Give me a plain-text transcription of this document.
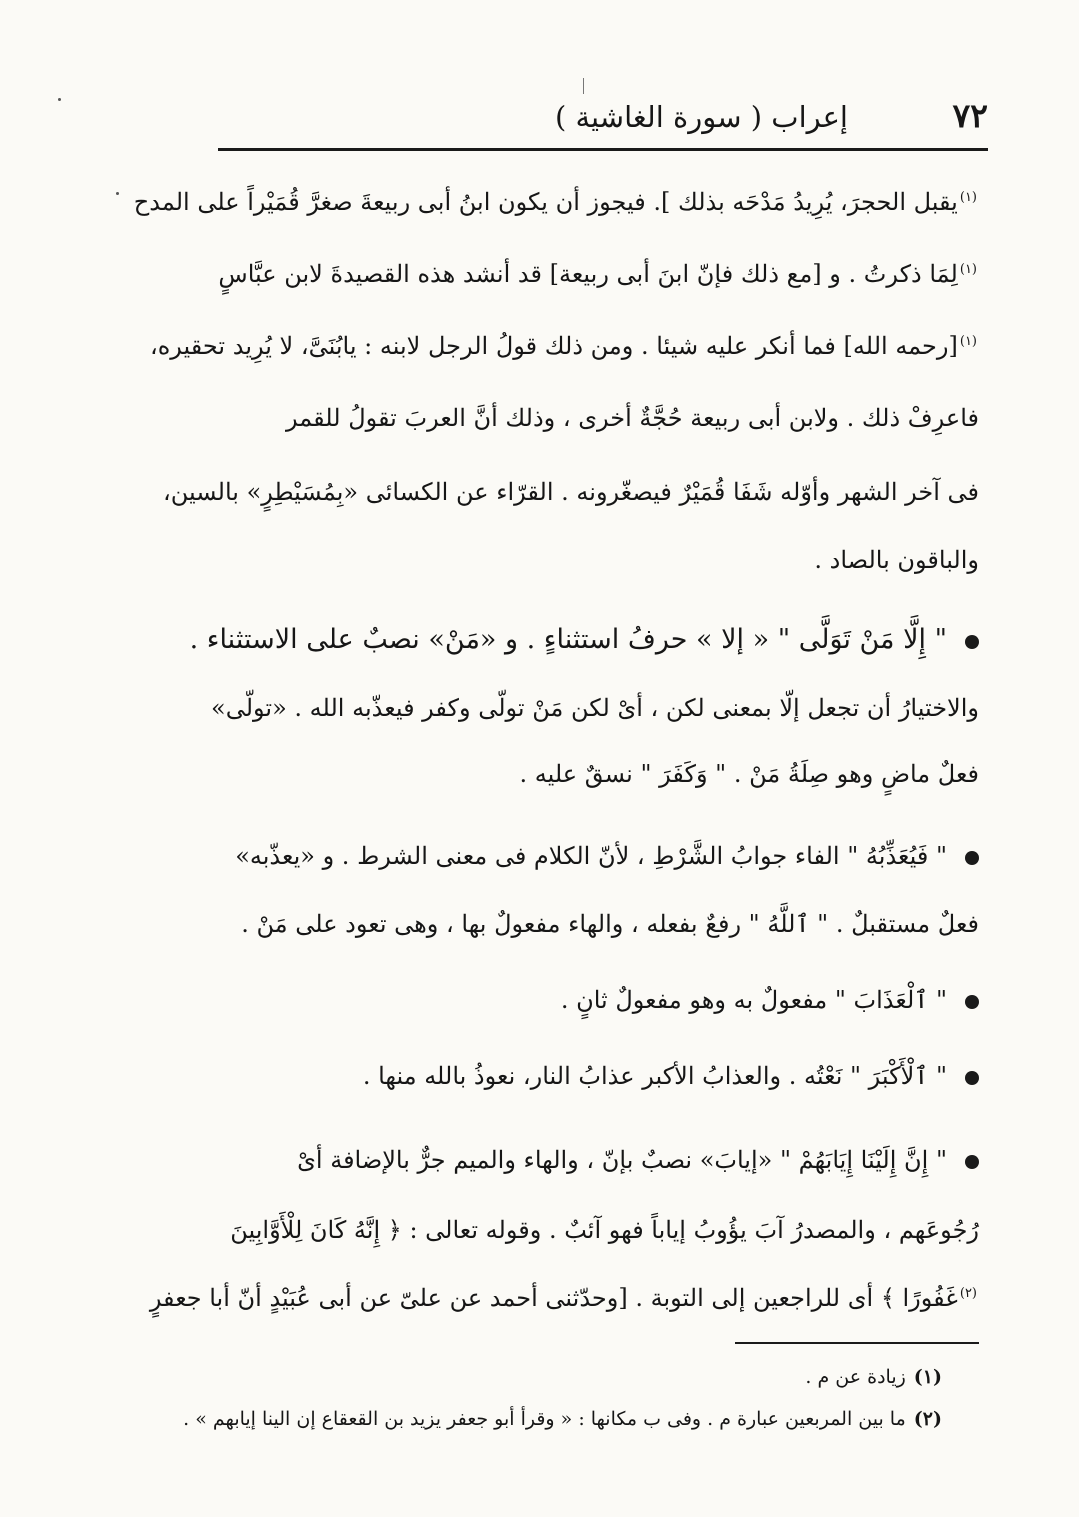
٧٢
إعراب ( سورة الغاشية )
$^{(١)}$يقبل الحجرَ، يُرِيدُ مَدْحَه بذلك ]. فيجوز أن يكون ابنُ أبى ربيعةَ صغرَّ قُمَيْراً على المدح
$^{(١)}$لِمَا ذكرتُ . و [مع ذلك فإنّ ابنَ أبى ربيعة] قد أنشد هذه القصيدةَ لابن عبَّاسٍ
$^{(١)}$[رحمه الله] فما أنكر عليه شيئا . ومن ذلك قولُ الرجل لابنه : يابُنَىَّ، لا يُرِيد تحقيره،
فاعرِفْ ذلك . ولابن أبى ربيعة حُجَّةٌ أخرى ، وذلك أنَّ العربَ تقولُ للقمر
فى آخر الشهر وأوّله شَفَا قُمَيْرٌ فيصغّرونه . القرّاء عن الكسائى «بِمُسَيْطِرٍ» بالسين،
والباقون بالصاد .
" إِلَّا مَنْ تَوَلَّى " « إلا » حرفُ استثناءٍ . و «مَنْ» نصبٌ على الاستثناء .
والاختيارُ أن تجعل إلّا بمعنى لكن ، أىْ لكن مَنْ تولّى وكفر فيعذّبه الله . «تولّى»
فعلٌ ماضٍ وهو صِلَةُ مَنْ . " وَكَفَرَ " نسقٌ عليه .
" فَيُعَذِّبُهُ " الفاء جوابُ الشَّرْطِ ، لأنّ الكلام فى معنى الشرط . و «يعذّبه»
فعلٌ مستقبلٌ . " ٱللَّهُ " رفعٌ بفعله ، والهاء مفعولٌ بها ، وهى تعود على مَنْ .
" ٱلْعَذَابَ " مفعولٌ به وهو مفعولٌ ثانٍ .
" ٱلْأَكْبَرَ " نَعْتُه . والعذابُ الأكبر عذابُ النار، نعوذُ بالله منها .
" إِنَّ إِلَيْنَا إِيَابَهُمْ " «إيابَ» نصبٌ بإنّ ، والهاء والميم جرٌّ بالإضافة أىْ
رُجُوعَهم ، والمصدرُ آبَ يؤُوبُ إياباً فهو آئبٌ . وقوله تعالى : ﴿ إِنَّهُ كَانَ لِلْأَوَّابِينَ
$^{(٢)}$غَفُورًا ﴾ أى للراجعين إلى التوبة . [وحدّثنى أحمد عن علىّ عن أبى عُبَيْدٍ أنّ أبا جعفرٍ
(١)زيادة عن م .
(٢)ما بين المربعين عبارة م . وفى ب مكانها : « وقرأ أبو جعفر يزيد بن القعقاع إن الينا إيابهم » .
